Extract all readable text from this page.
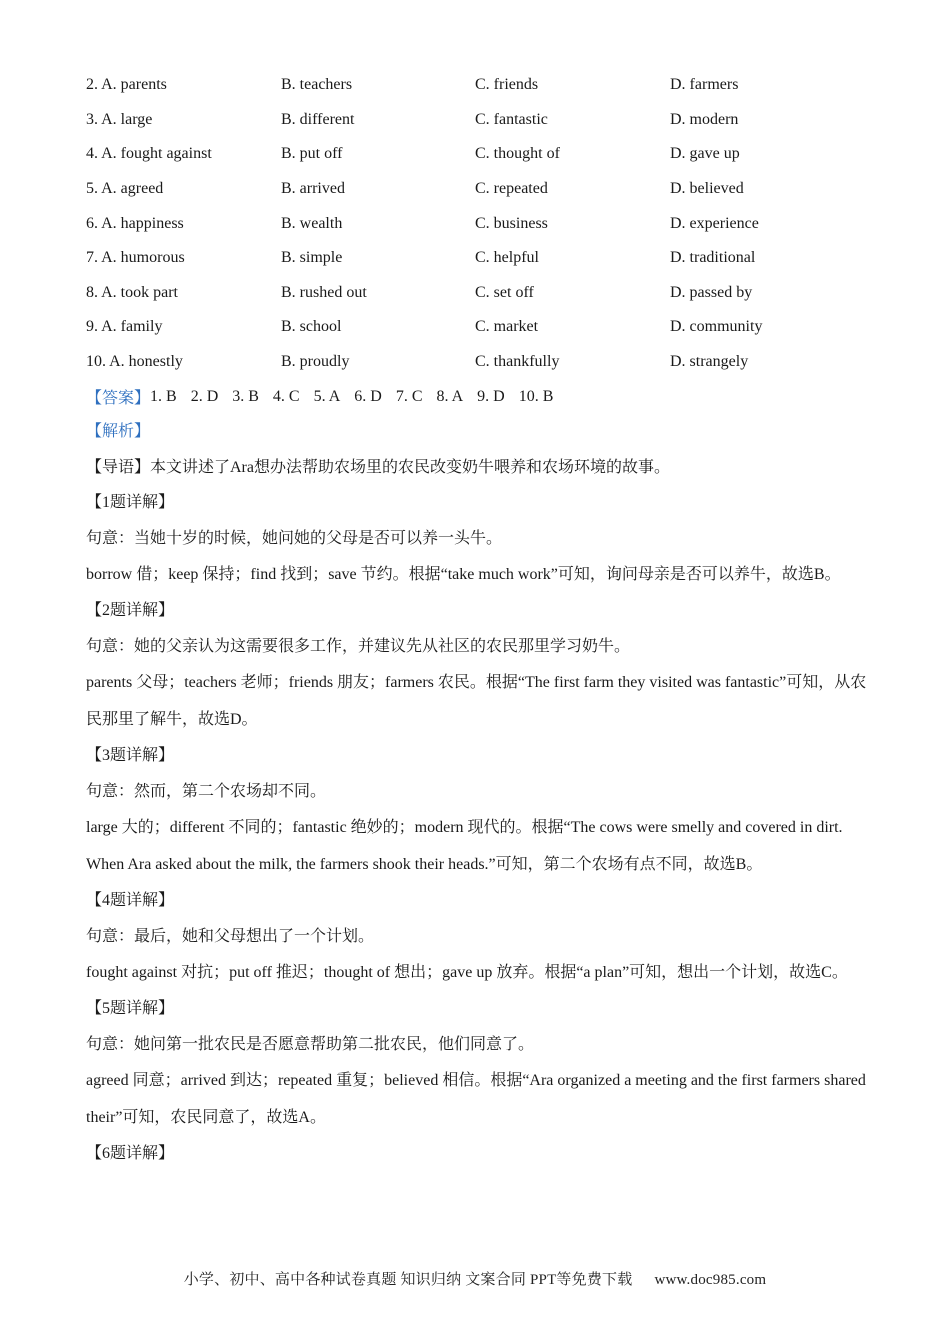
2. A. parents	B. teachers	C. friends	D. farmers
3. A. large	B. different	C. fantastic	D. modern
4. A. fought against	B. put off	C. thought of	D. gave up
5. A. agreed	B. arrived	C. repeated	D. believed
6. A. happiness	B. wealth	C. business	D. experience
7. A. humorous	B. simple	C. helpful	D. traditional
8. A. took part	B. rushed out	C. set off	D. passed by
9. A. family	B. school	C. market	D. community
10. A. honestly	B. proudly	C. thankfully	D. strangely
【答案】 1. B 2. D 3. B 4. C 5. A 6. D 7. C 8. A 9. D 10. B
【解析】
【导语】本文讲述了Ara想办法帮助农场里的农民改变奶牛喂养和农场环境的故事。
【1题详解】
句意：当她十岁的时候，她问她的父母是否可以养一头牛。
borrow 借；keep 保持；find 找到；save 节约。根据“take much work”可知，询问母亲是否可以养牛，故选B。
【2题详解】
句意：她的父亲认为这需要很多工作，并建议先从社区的农民那里学习奶牛。
parents 父母；teachers 老师；friends 朋友；farmers 农民。根据“The first farm they visited was fantastic”可知，从农民那里了解牛，故选D。
【3题详解】
句意：然而，第二个农场却不同。
large 大的；different 不同的；fantastic 绝妙的；modern 现代的。根据“The cows were smelly and covered in dirt. When Ara asked about the milk, the farmers shook their heads.”可知，第二个农场有点不同，故选B。
【4题详解】
句意：最后，她和父母想出了一个计划。
fought against 对抗；put off 推迟；thought of 想出；gave up 放弃。根据“a plan”可知，想出一个计划，故选C。
【5题详解】
句意：她问第一批农民是否愿意帮助第二批农民，他们同意了。
agreed 同意；arrived 到达；repeated 重复；believed 相信。根据“Ara organized a meeting and the first farmers shared their”可知，农民同意了，故选A。
【6题详解】
小学、初中、高中各种试卷真题 知识归纳 文案合同 PPT等免费下载 www.doc985.com
